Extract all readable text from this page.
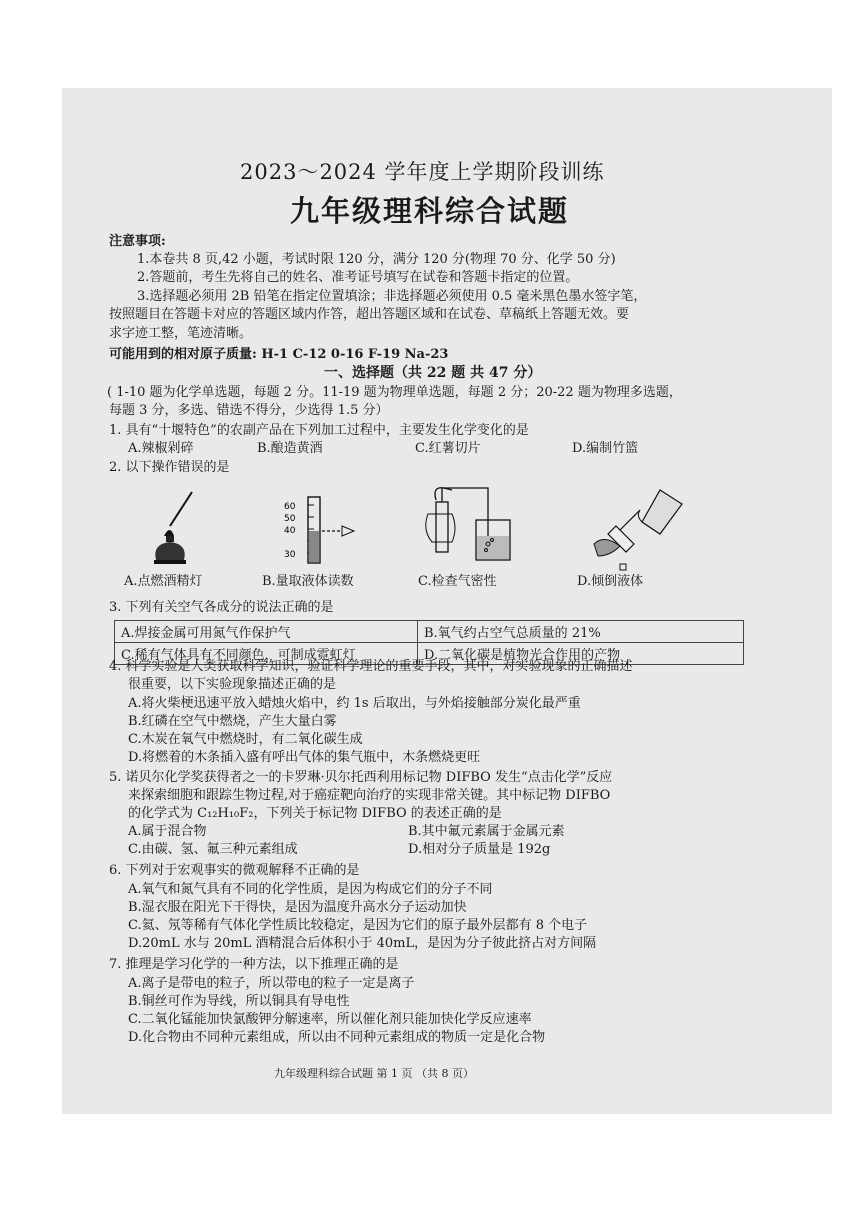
2023～2024 学年度上学期阶段训练
九年级理科综合试题
注意事项:
1.本卷共 8 页,42 小题，考试时限 120 分，满分 120 分(物理 70 分、化学 50 分)
2.答题前，考生先将自己的姓名、准考证号填写在试卷和答题卡指定的位置。
3.选择题必须用 2B 铅笔在指定位置填涂；非选择题必须使用 0.5 毫米黑色墨水签字笔，
按照题目在答题卡对应的答题区域内作答，超出答题区域和在试卷、草稿纸上答题无效。要
求字迹工整，笔迹清晰。
可能用到的相对原子质量: H-1 C-12 0-16 F-19 Na-23
一、选择题（共 22 题 共 47 分）
( 1-10 题为化学单选题，每题 2 分。11-19 题为物理单选题，每题 2 分；20-22 题为物理多选题，
每题 3 分，多选、错选不得分，少选得 1.5 分）
1. 具有“十堰特色”的农副产品在下列加工过程中，主要发生化学变化的是
A.辣椒剁碎	B.酿造黄酒	C.红薯切片	D.编制竹篮
2. 以下操作错误的是
60
50
40
30
A.点燃酒精灯	B.量取液体读数	C.检查气密性	D.倾倒液体
3. 下列有关空气各成分的说法正确的是
A.焊接金属可用氮气作保护气	B.氧气约占空气总质量的 21%
C.稀有气体具有不同颜色，可制成霓虹灯	D.二氧化碳是植物光合作用的产物
4. 科学实验是人类获取科学知识，验证科学理论的重要手段，其中，对实验现象的正确描述
很重要，以下实验现象描述正确的是
A.将火柴梗迅速平放入蜡烛火焰中，约 1s 后取出，与外焰接触部分炭化最严重
B.红磷在空气中燃烧，产生大量白雾
C.木炭在氧气中燃烧时，有二氧化碳生成
D.将燃着的木条插入盛有呼出气体的集气瓶中，木条燃烧更旺
5. 诺贝尔化学奖获得者之一的卡罗琳·贝尔托西利用标记物 DIFBO 发生“点击化学”反应
来探索细胞和跟踪生物过程,对于癌症靶向治疗的实现非常关键。其中标记物 DIFBO
的化学式为 C₁₂H₁₀F₂，下列关于标记物 DIFBO 的表述正确的是
A.属于混合物	B.其中氟元素属于金属元素
C.由碳、氢、氟三种元素组成	D.相对分子质量是 192g
6. 下列对于宏观事实的微观解释不正确的是
A.氧气和氮气具有不同的化学性质，是因为构成它们的分子不同
B.湿衣服在阳光下干得快，是因为温度升高水分子运动加快
C.氦、氖等稀有气体化学性质比较稳定，是因为它们的原子最外层都有 8 个电子
D.20mL 水与 20mL 酒精混合后体积小于 40mL，是因为分子彼此挤占对方间隔
7. 推理是学习化学的一种方法，以下推理正确的是
A.离子是带电的粒子，所以带电的粒子一定是离子
B.铜丝可作为导线，所以铜具有导电性
C.二氧化锰能加快氯酸钾分解速率，所以催化剂只能加快化学反应速率
D.化合物由不同种元素组成，所以由不同种元素组成的物质一定是化合物
九年级理科综合试题 第 1 页 （共 8 页）
